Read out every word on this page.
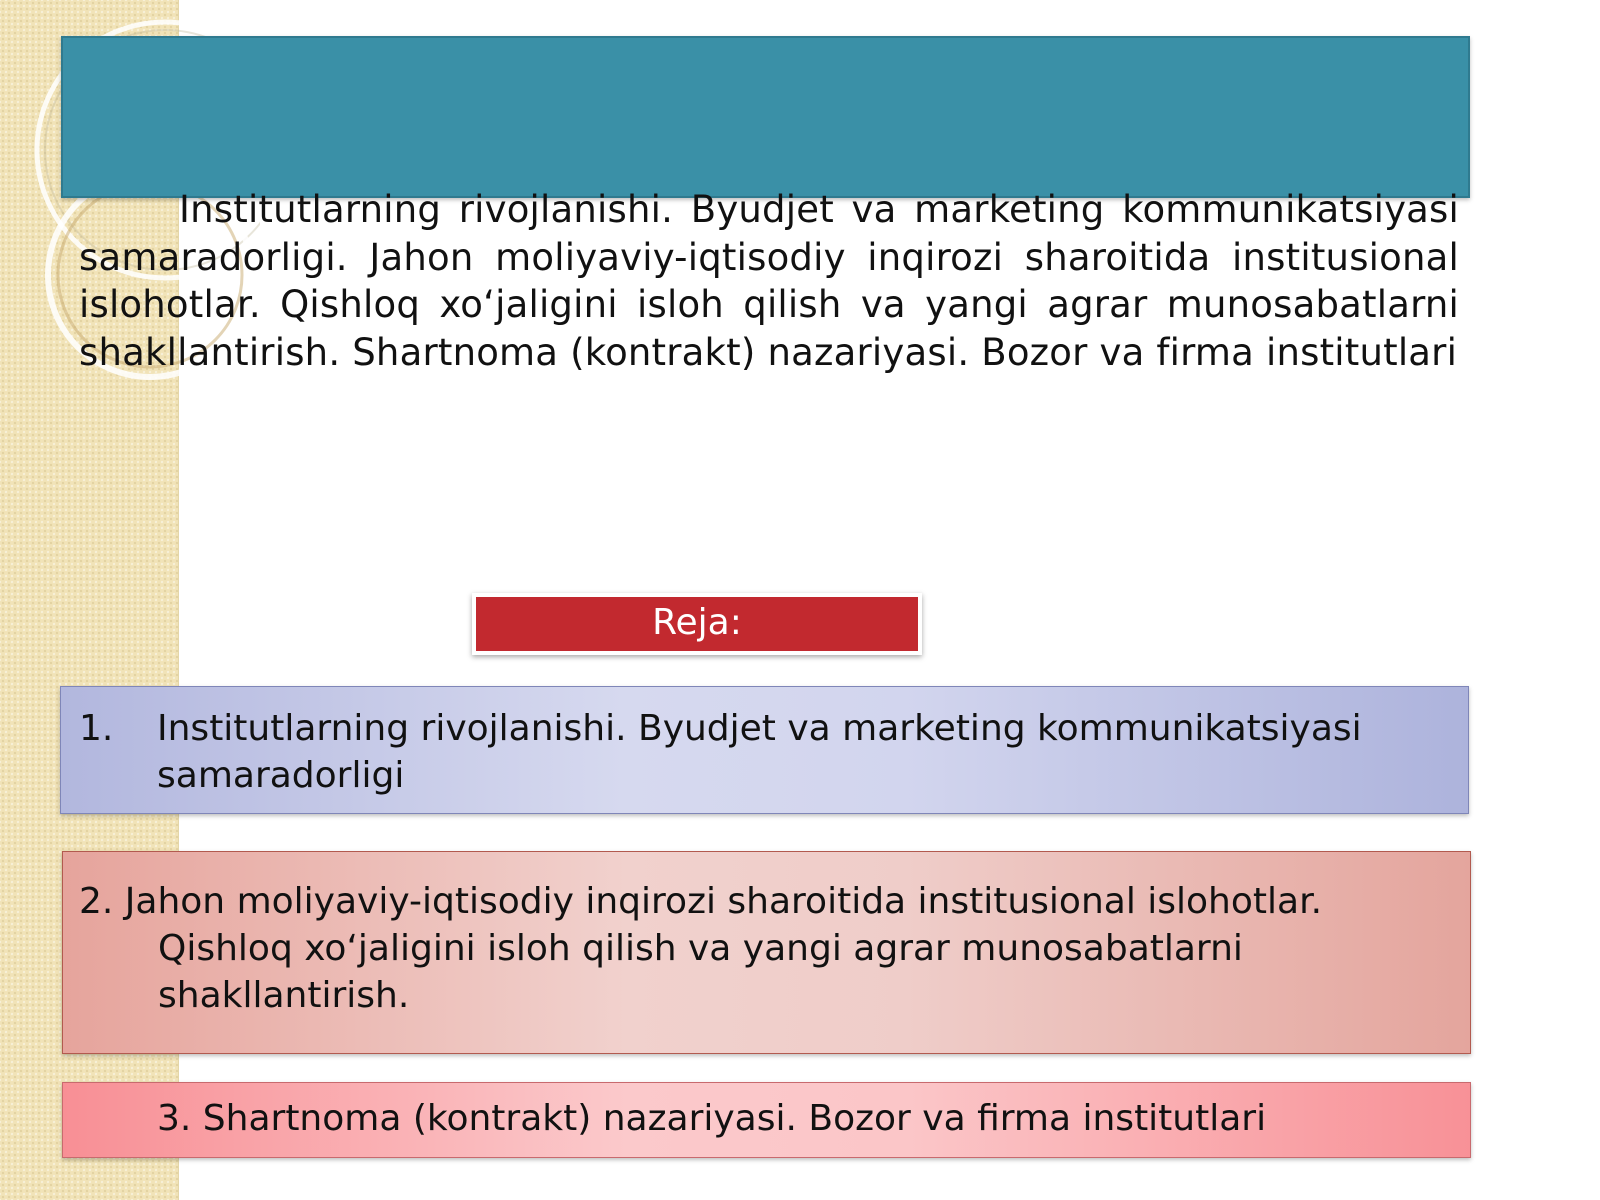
Institutlarning rivojlanishi. Byudjet va marketing kommunikatsiyasi samaradorligi. Jahon moliyaviy-iqtisodiy inqirozi sharoitida institusional islohotlar. Qishloq xo‘jaligini isloh qilish va yangi agrar munosabatlarni shakllantirish. Shartnoma (kontrakt) nazariyasi. Bozor va firma institutlari

Reja:
1. Institutlarning rivojlanishi. Byudjet va marketing kommunikatsiyasi samaradorligi
2. Jahon moliyaviy-iqtisodiy inqirozi sharoitida institusional islohotlar.
Qishloq xo‘jaligini isloh qilish va yangi agrar munosabatlarni shakllantirish.
3. Shartnoma (kontrakt) nazariyasi. Bozor va firma institutlari
